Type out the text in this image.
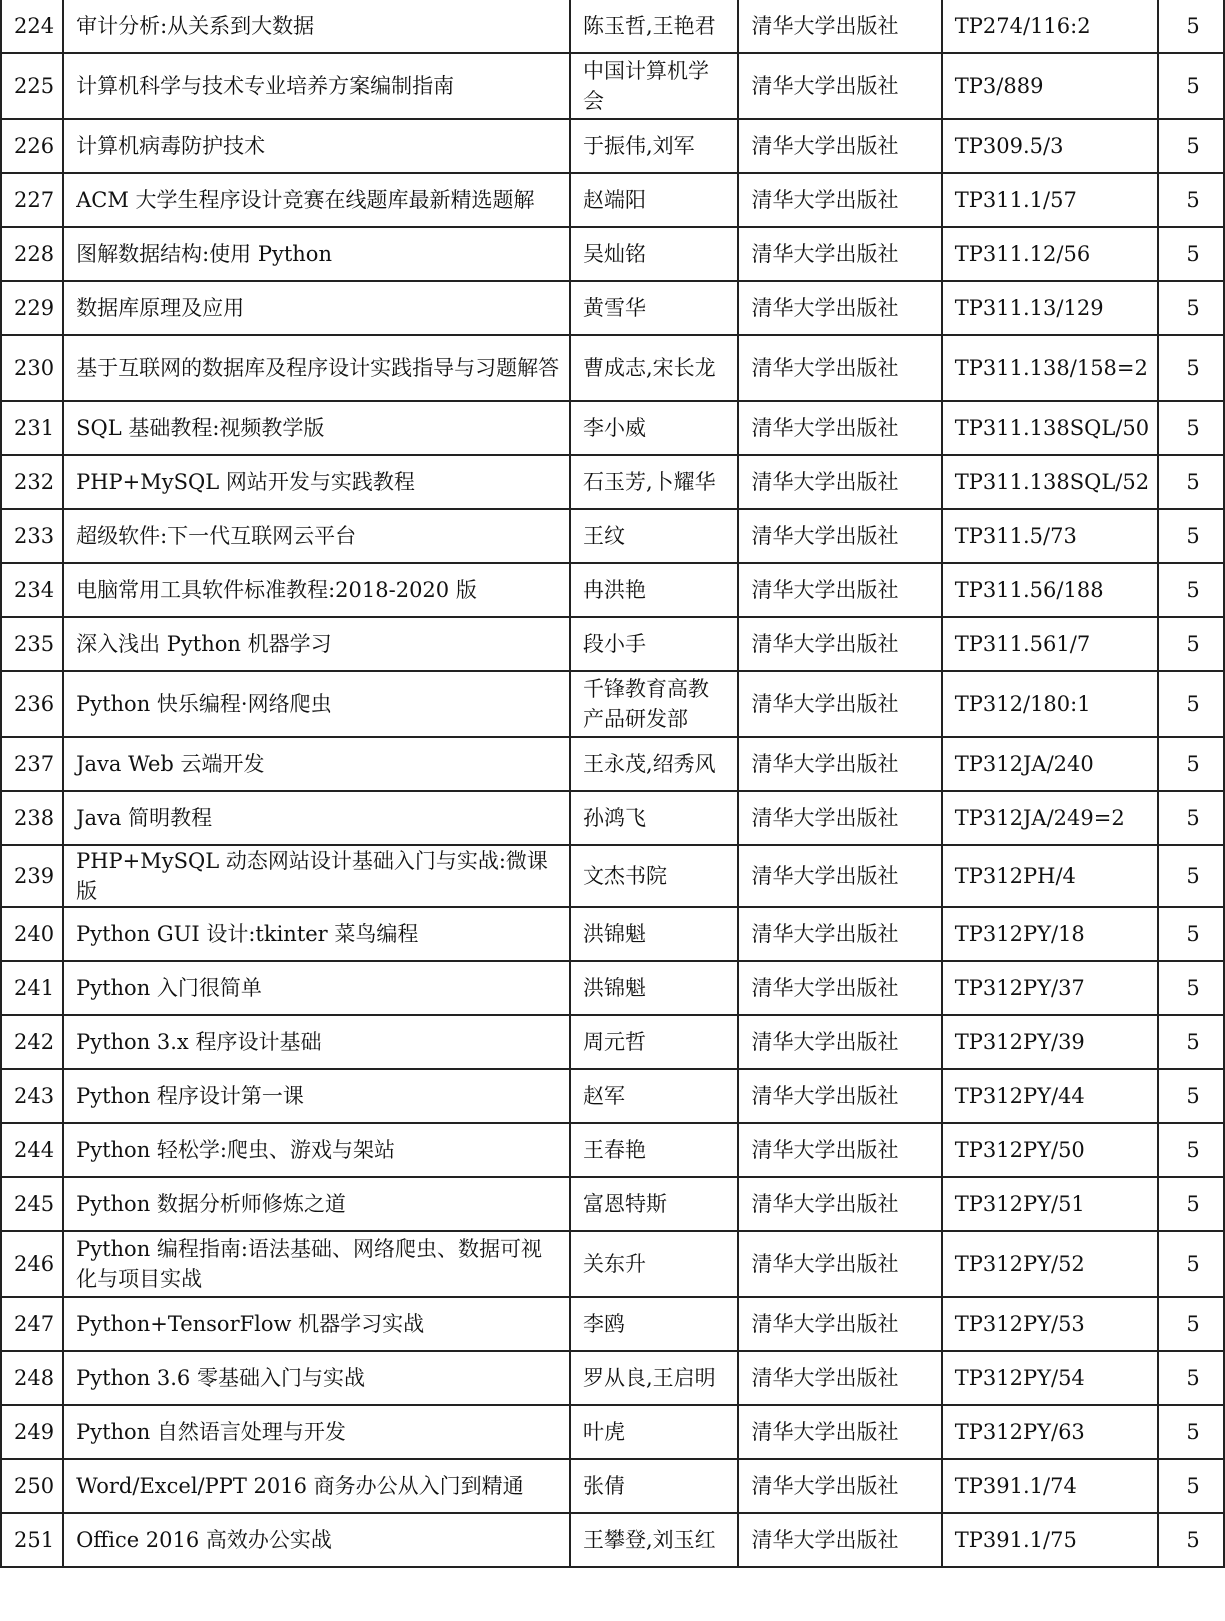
224	审计分析:从关系到大数据	陈玉哲,王艳君	清华大学出版社	TP274/116:2	5
225	计算机科学与技术专业培养方案编制指南	中国计算机学会	清华大学出版社	TP3/889	5
226	计算机病毒防护技术	于振伟,刘军	清华大学出版社	TP309.5/3	5
227	ACM 大学生程序设计竞赛在线题库最新精选题解	赵端阳	清华大学出版社	TP311.1/57	5
228	图解数据结构:使用 Python	吴灿铭	清华大学出版社	TP311.12/56	5
229	数据库原理及应用	黄雪华	清华大学出版社	TP311.13/129	5
230	基于互联网的数据库及程序设计实践指导与习题解答	曹成志,宋长龙	清华大学出版社	TP311.138/158=2	5
231	SQL 基础教程:视频教学版	李小威	清华大学出版社	TP311.138SQL/50	5
232	PHP+MySQL 网站开发与实践教程	石玉芳,卜耀华	清华大学出版社	TP311.138SQL/52	5
233	超级软件:下一代互联网云平台	王纹	清华大学出版社	TP311.5/73	5
234	电脑常用工具软件标准教程:2018-2020 版	冉洪艳	清华大学出版社	TP311.56/188	5
235	深入浅出 Python 机器学习	段小手	清华大学出版社	TP311.561/7	5
236	Python 快乐编程·网络爬虫	千锋教育高教产品研发部	清华大学出版社	TP312/180:1	5
237	Java Web 云端开发	王永茂,绍秀风	清华大学出版社	TP312JA/240	5
238	Java 简明教程	孙鸿飞	清华大学出版社	TP312JA/249=2	5
239	PHP+MySQL 动态网站设计基础入门与实战:微课版	文杰书院	清华大学出版社	TP312PH/4	5
240	Python GUI 设计:tkinter 菜鸟编程	洪锦魁	清华大学出版社	TP312PY/18	5
241	Python 入门很简单	洪锦魁	清华大学出版社	TP312PY/37	5
242	Python 3.x 程序设计基础	周元哲	清华大学出版社	TP312PY/39	5
243	Python 程序设计第一课	赵军	清华大学出版社	TP312PY/44	5
244	Python 轻松学:爬虫、游戏与架站	王春艳	清华大学出版社	TP312PY/50	5
245	Python 数据分析师修炼之道	富恩特斯	清华大学出版社	TP312PY/51	5
246	Python 编程指南:语法基础、网络爬虫、数据可视化与项目实战	关东升	清华大学出版社	TP312PY/52	5
247	Python+TensorFlow 机器学习实战	李鸥	清华大学出版社	TP312PY/53	5
248	Python 3.6 零基础入门与实战	罗从良,王启明	清华大学出版社	TP312PY/54	5
249	Python 自然语言处理与开发	叶虎	清华大学出版社	TP312PY/63	5
250	Word/Excel/PPT 2016 商务办公从入门到精通	张倩	清华大学出版社	TP391.1/74	5
251	Office 2016 高效办公实战	王攀登,刘玉红	清华大学出版社	TP391.1/75	5
